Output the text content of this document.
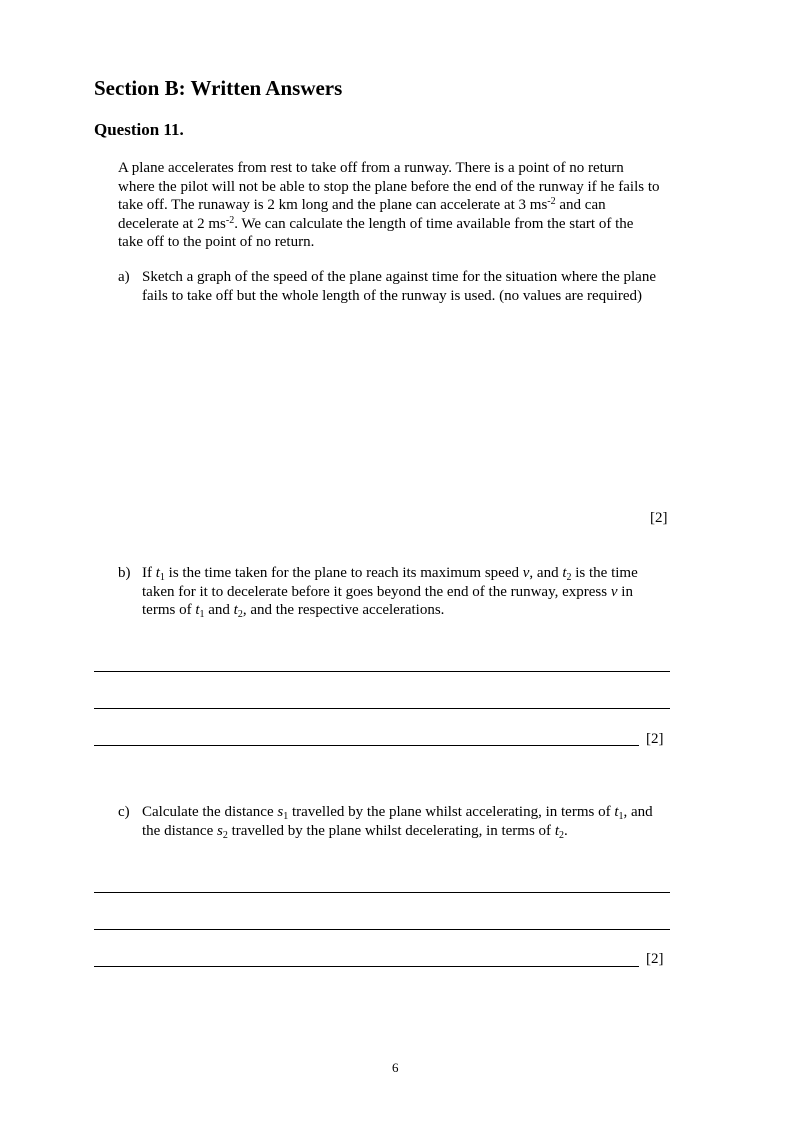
Section B: Written Answers
Question 11.
A plane accelerates from rest to take off from a runway. There is a point of no return
where the pilot will not be able to stop the plane before the end of the runway if he fails to
take off. The runaway is 2 km long and the plane can accelerate at 3 $ms^{-2}$ and can
decelerate at 2 $ms^{-2}$. We can calculate the length of time available from the start of the
take off to the point of no return.
a) Sketch a graph of the speed of the plane against time for the situation where the plane
fails to take off but the whole length of the runway is used. (no values are required)
[2]
b) If $t_1$ is the time taken for the plane to reach its maximum speed v, and $t_2$ is the time
taken for it to decelerate before it goes beyond the end of the runway, express v in
terms of $t_1$ and $t_2$, and the respective accelerations.
[2]
c) Calculate the distance $s_1$ travelled by the plane whilst accelerating, in terms of $t_1$, and
the distance $s_2$ travelled by the plane whilst decelerating, in terms of $t_2$.
[2]
6
